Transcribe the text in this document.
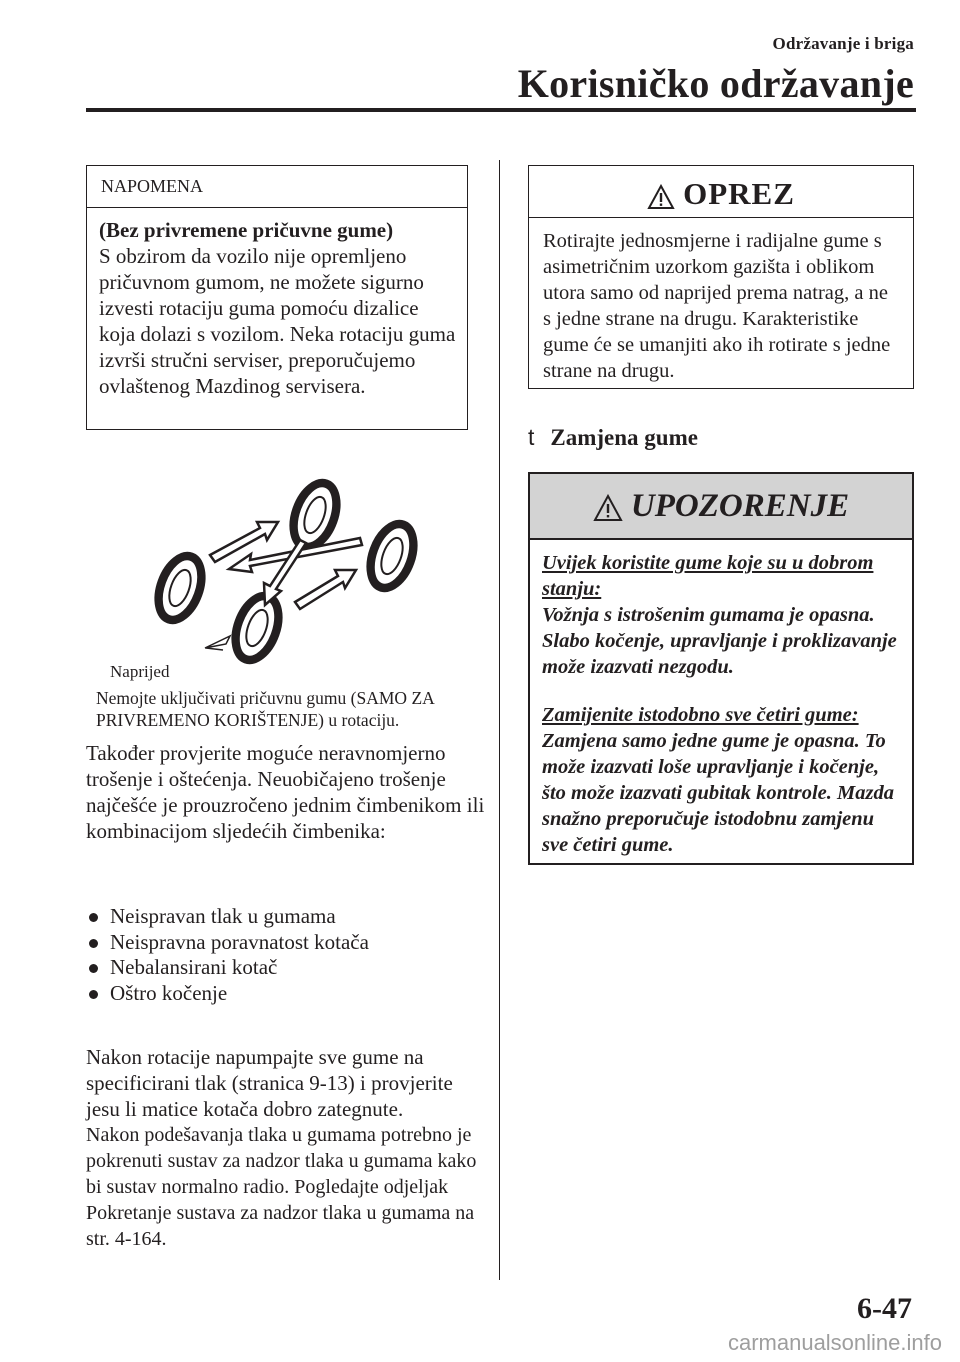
Održavanje i briga
Korisničko održavanje
NAPOMENA
(Bez privremene pričuvne gume)
S obzirom da vozilo nije opremljeno pričuvnom gumom, ne možete sigurno izvesti rotaciju guma pomoću dizalice koja dolazi s vozilom. Neka rotaciju guma izvrši stručni serviser, preporučujemo ovlaštenog Mazdinog servisera.
Naprijed
Nemojte uključivati pričuvnu gumu (SAMO ZA PRIVREMENO KORIŠTENJE) u rotaciju.
Također provjerite moguće neravnomjerno trošenje i oštećenja. Neuobičajeno trošenje najčešće je prouzročeno jednim čimbenikom ili kombinacijom sljedećih čimbenika:
Neispravan tlak u gumama
Neispravna poravnatost kotača
Nebalansirani kotač
Oštro kočenje
Nakon rotacije napumpajte sve gume na specificirani tlak (stranica 9-13) i provjerite jesu li matice kotača dobro zategnute.
Nakon podešavanja tlaka u gumama potrebno je pokrenuti sustav za nadzor tlaka u gumama kako bi sustav normalno radio. Pogledajte odjeljak Pokretanje sustava za nadzor tlaka u gumama na str. 4-164.
OPREZ
Rotirajte jednosmjerne i radijalne gume s asimetričnim uzorkom gazišta i oblikom utora samo od naprijed prema natrag, a ne s jedne strane na drugu. Karakteristike gume će se umanjiti ako ih rotirate s jedne strane na drugu.
t Zamjena gume
UPOZORENJE
Uvijek koristite gume koje su u dobrom stanju:
Vožnja s istrošenim gumama je opasna. Slabo kočenje, upravljanje i proklizavanje može izazvati nezgodu.
Zamijenite istodobno sve četiri gume:
Zamjena samo jedne gume je opasna. To može izazvati loše upravljanje i kočenje, što može izazvati gubitak kontrole. Mazda snažno preporučuje istodobnu zamjenu sve četiri gume.
6-47
carmanualsonline.info
